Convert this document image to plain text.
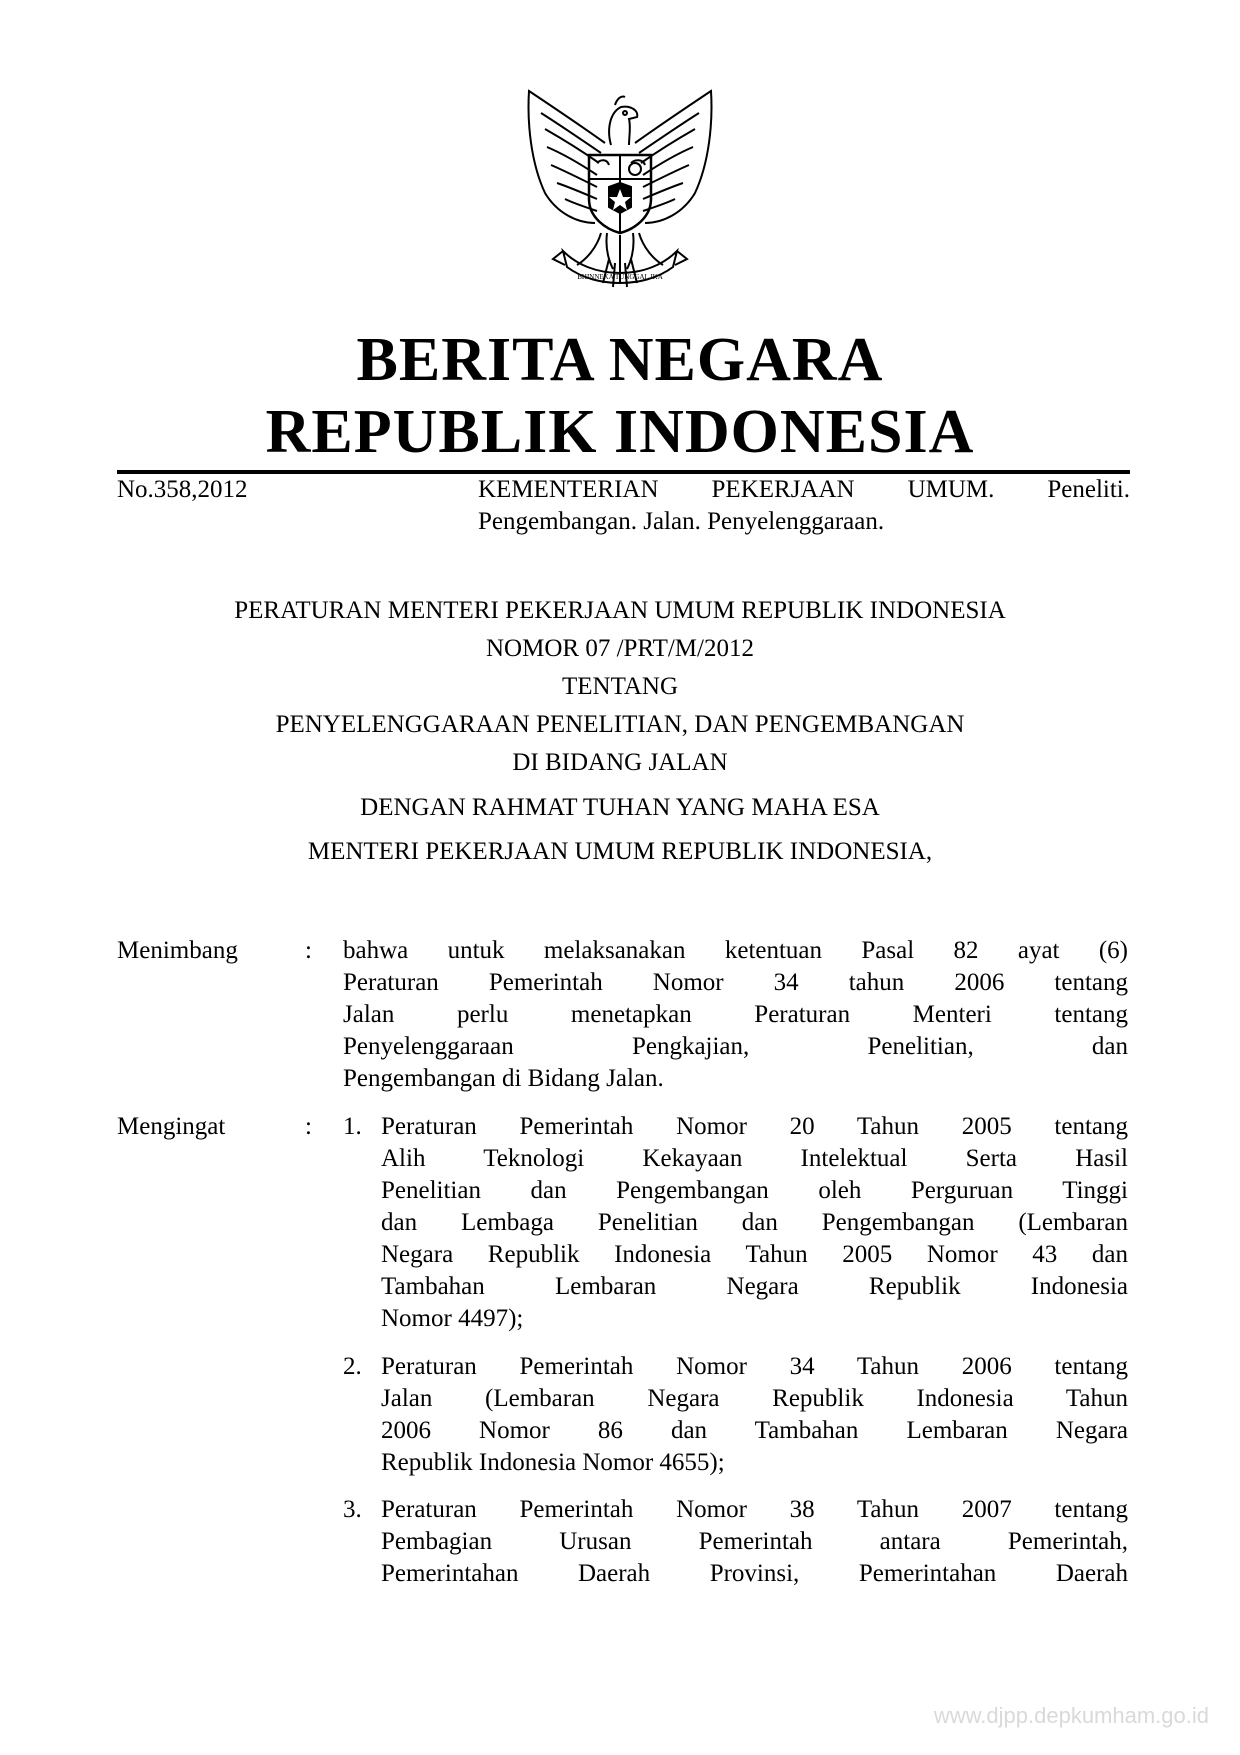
BHINNEKA TUNGGAL IKA
BERITA NEGARA
REPUBLIK INDONESIA
No.358,2012	KEMENTERIAN PEKERJAAN UMUM. Peneliti.
Pengembangan. Jalan. Penyelenggaraan.
PERATURAN MENTERI PEKERJAAN UMUM REPUBLIK INDONESIA
NOMOR 07 /PRT/M/2012
TENTANG
PENYELENGGARAAN PENELITIAN, DAN PENGEMBANGAN
DI BIDANG JALAN
DENGAN RAHMAT TUHAN YANG MAHA ESA
MENTERI PEKERJAAN UMUM REPUBLIK INDONESIA,
Menimbang	: bahwa untuk melaksanakan ketentuan Pasal 82 ayat (6)
Peraturan Pemerintah Nomor 34 tahun 2006 tentang
Jalan perlu menetapkan Peraturan Menteri tentang
Penyelenggaraan Pengkajian, Penelitian, dan
Pengembangan di Bidang Jalan.
Mengingat	: 1. Peraturan Pemerintah Nomor 20 Tahun 2005 tentang
Alih Teknologi Kekayaan Intelektual Serta Hasil
Penelitian dan Pengembangan oleh Perguruan Tinggi
dan Lembaga Penelitian dan Pengembangan (Lembaran
Negara Republik Indonesia Tahun 2005 Nomor 43 dan
Tambahan Lembaran Negara Republik Indonesia
Nomor 4497);
2. Peraturan Pemerintah Nomor 34 Tahun 2006 tentang
Jalan (Lembaran Negara Republik Indonesia Tahun
2006 Nomor 86 dan Tambahan Lembaran Negara
Republik Indonesia Nomor 4655);
3. Peraturan Pemerintah Nomor 38 Tahun 2007 tentang
Pembagian Urusan Pemerintah antara Pemerintah,
Pemerintahan Daerah Provinsi, Pemerintahan Daerah
www.djpp.depkumham.go.id
